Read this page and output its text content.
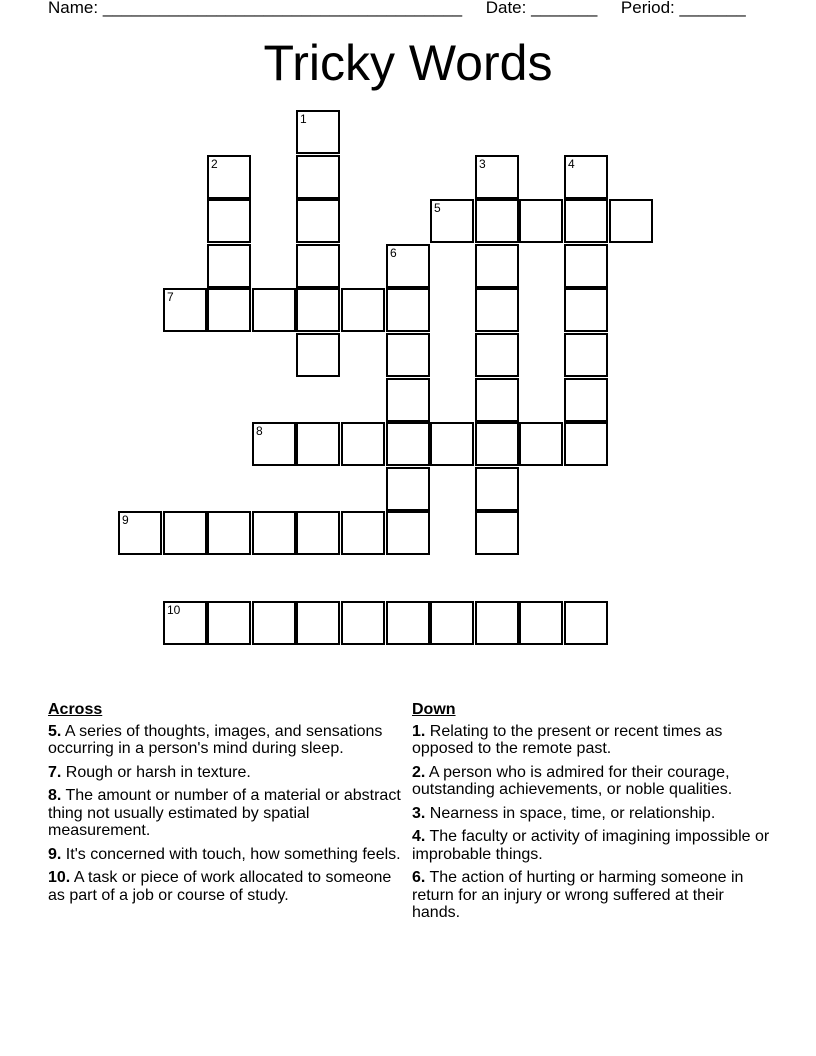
Name: ______________________________________ Date: _______ Period: _______
Tricky Words
1
2	3	4
5
6
7
8
9
10
Across
5. A series of thoughts, images, and sensations occurring in a person's mind during sleep.
7. Rough or harsh in texture.
8. The amount or number of a material or abstract thing not usually estimated by spatial measurement.
9. It's concerned with touch, how something feels.
10. A task or piece of work allocated to someone as part of a job or course of study.
Down
1. Relating to the present or recent times as opposed to the remote past.
2. A person who is admired for their courage, outstanding achievements, or noble qualities.
3. Nearness in space, time, or relationship.
4. The faculty or activity of imagining impossible or improbable things.
6. The action of hurting or harming someone in return for an injury or wrong suffered at their hands.
